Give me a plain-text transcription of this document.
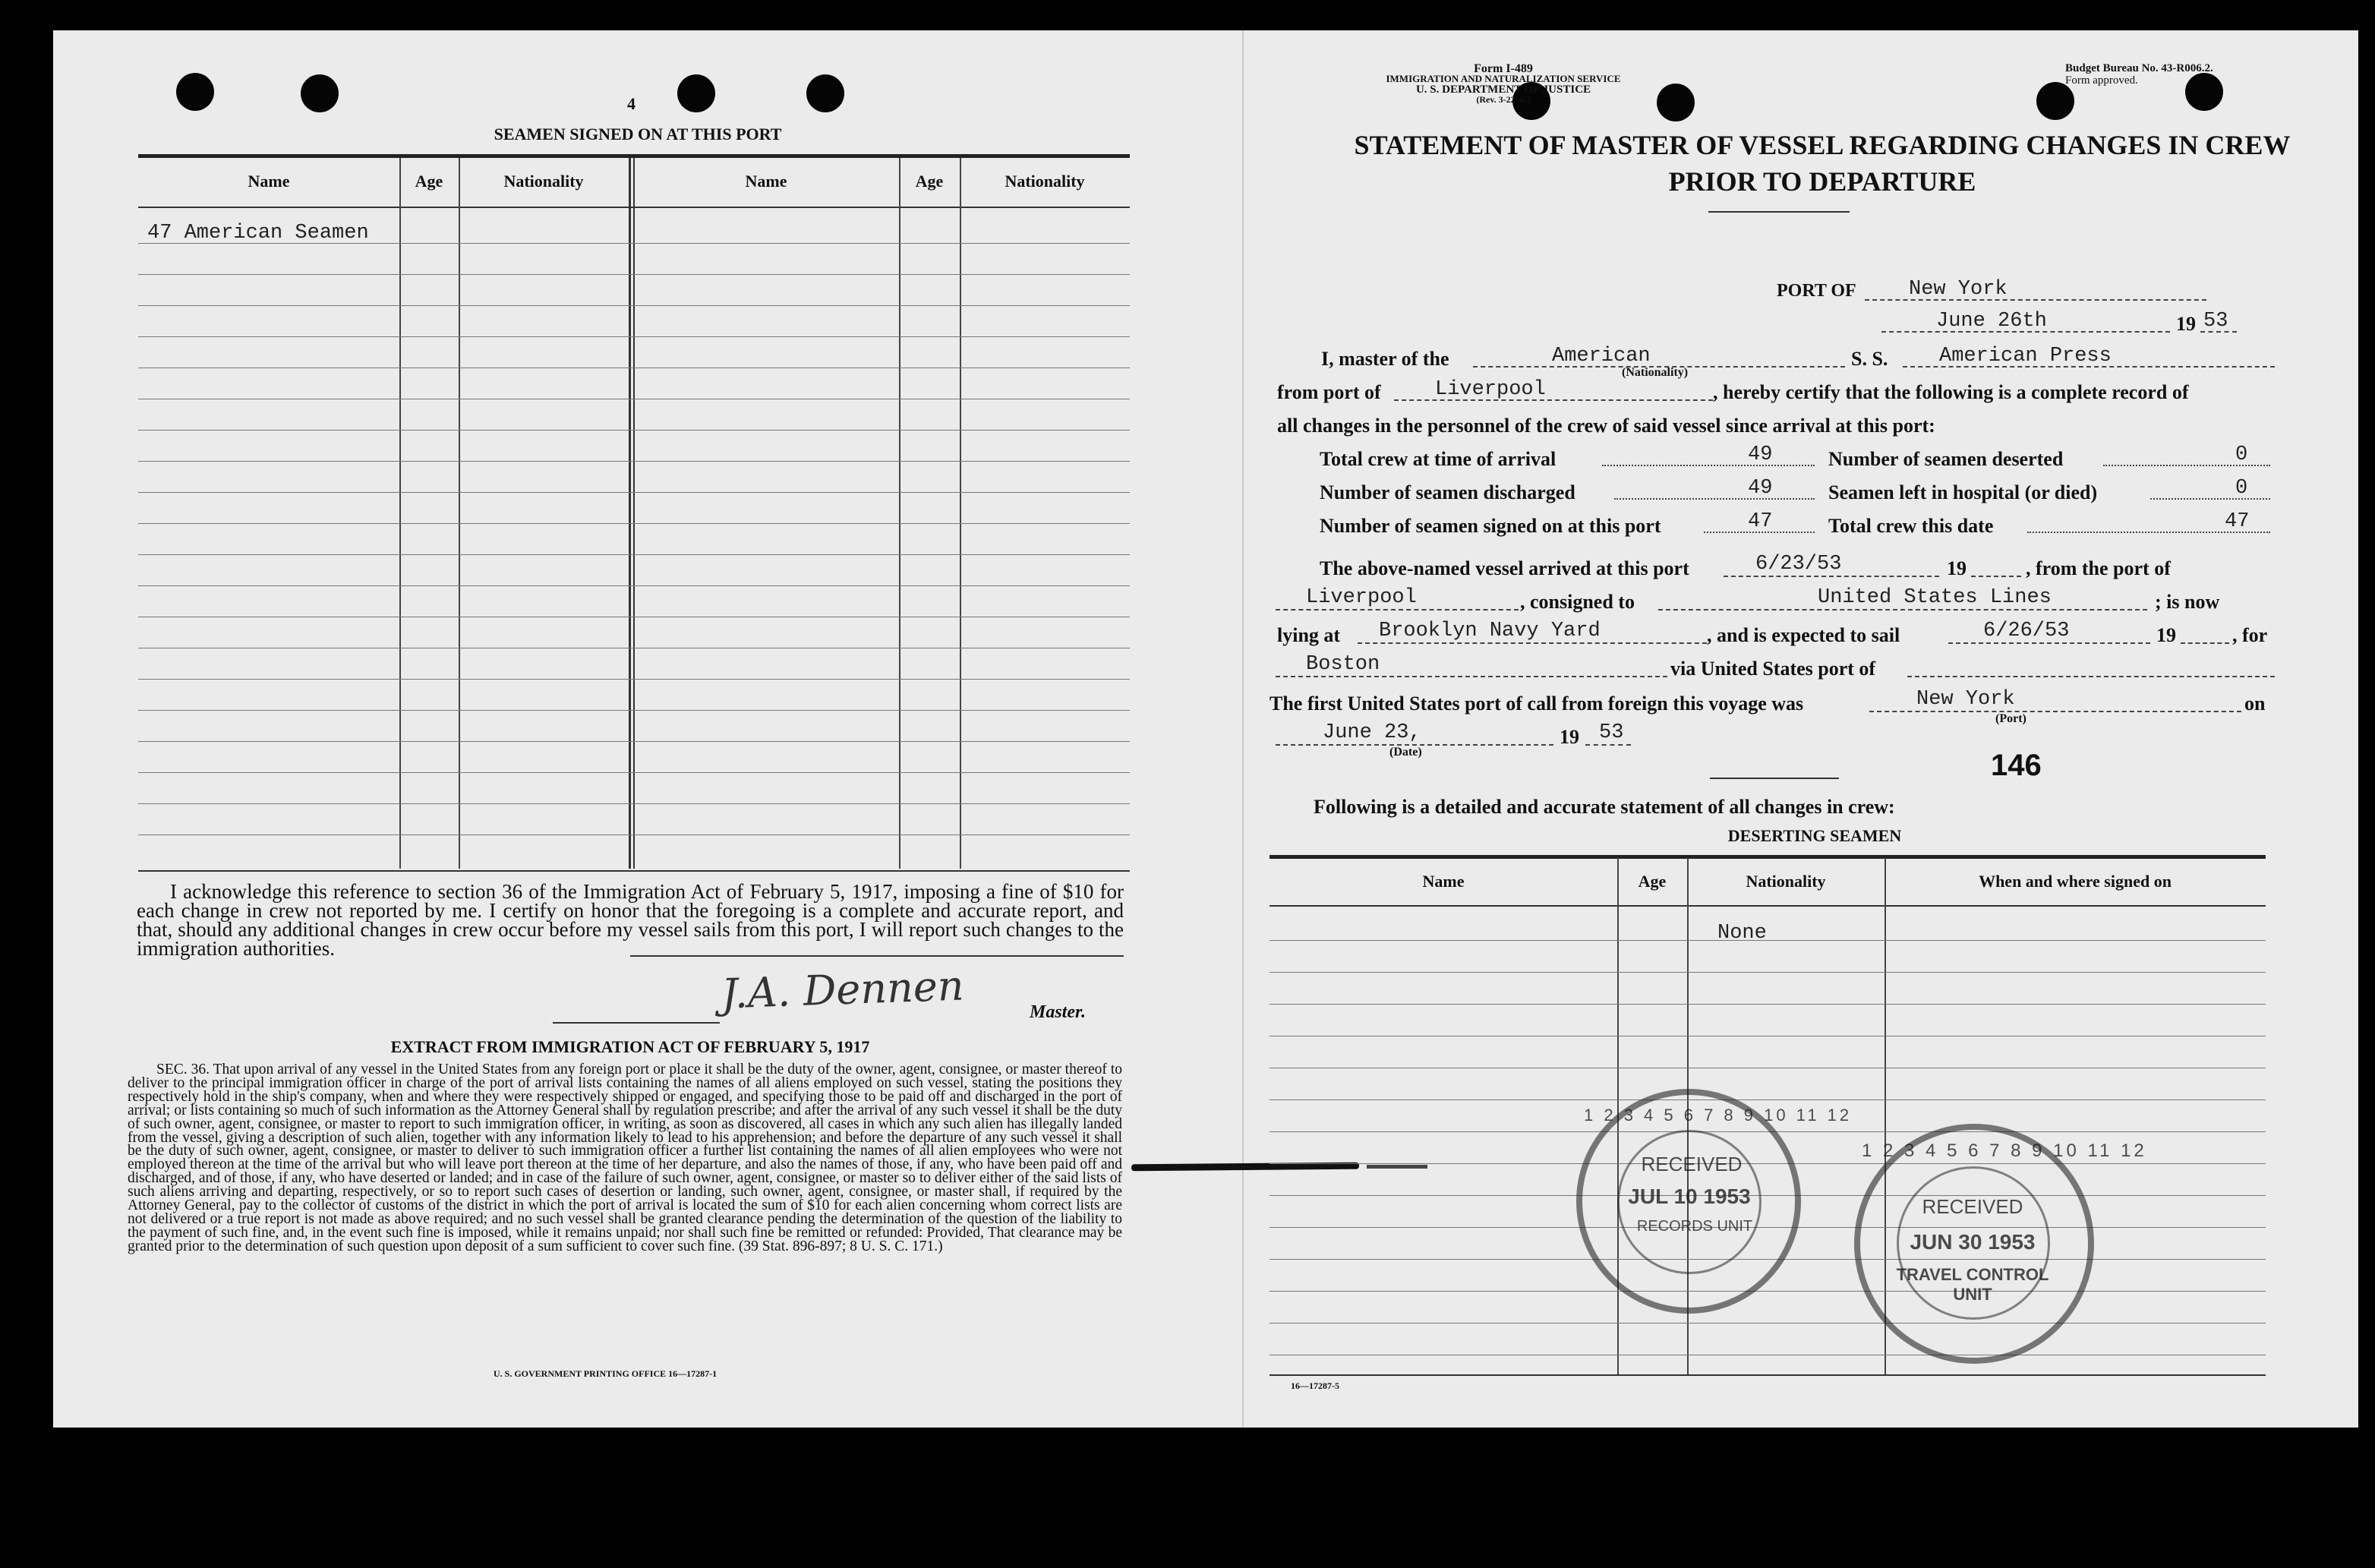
4
SEAMEN SIGNED ON AT THIS PORT
Name	Age	Nationality	Name	Age	Nationality
47 American Seamen
I acknowledge this reference to section 36 of the Immigration Act of February 5, 1917, imposing a fine of $10 for each change in crew not reported by me. I certify on honor that the foregoing is a complete and accurate report, and that, should any additional changes in crew occur before my vessel sails from this port, I will report such changes to the immigration authorities.
J.A. Dennen	Master.
EXTRACT FROM IMMIGRATION ACT OF FEBRUARY 5, 1917
SEC. 36. That upon arrival of any vessel in the United States from any foreign port or place it shall be the duty of the owner, agent, consignee, or master thereof to deliver to the principal immigration officer in charge of the port of arrival lists containing the names of all aliens employed on such vessel, stating the positions they respectively hold in the ship's company, when and where they were respectively shipped or engaged, and specifying those to be paid off and discharged in the port of arrival; or lists containing so much of such information as the Attorney General shall by regulation prescribe; and after the arrival of any such vessel it shall be the duty of such owner, agent, consignee, or master to report to such immigration officer, in writing, as soon as discovered, all cases in which any such alien has illegally landed from the vessel, giving a description of such alien, together with any information likely to lead to his apprehension; and before the departure of any such vessel it shall be the duty of such owner, agent, consignee, or master to deliver to such immigration officer a further list containing the names of all alien employees who were not employed thereon at the time of the arrival but who will leave port thereon at the time of her departure, and also the names of those, if any, who have been paid off and discharged, and of those, if any, who have deserted or landed; and in case of the failure of such owner, agent, consignee, or master so to deliver either of the said lists of such aliens arriving and departing, respectively, or so to report such cases of desertion or landing, such owner, agent, consignee, or master shall, if required by the Attorney General, pay to the collector of customs of the district in which the port of arrival is located the sum of $10 for each alien concerning whom correct lists are not delivered or a true report is not made as above required; and no such vessel shall be granted clearance pending the determination of the question of the liability to the payment of such fine, and, in the event such fine is imposed, while it remains unpaid; nor shall such fine be remitted or refunded: Provided, That clearance may be granted prior to the determination of such question upon deposit of a sum sufficient to cover such fine. (39 Stat. 896-897; 8 U. S. C. 171.)
U. S. GOVERNMENT PRINTING OFFICE 16—17287-1
Form I-489
IMMIGRATION AND NATURALIZATION SERVICE
U. S. DEPARTMENT OF JUSTICE
(Rev. 3-22-45)
Budget Bureau No. 43-R006.2.
Form approved.
STATEMENT OF MASTER OF VESSEL REGARDING CHANGES IN CREW
PRIOR TO DEPARTURE
PORT OF	New York
June 26th	19 53
I, master of the	American
(Nationality)
S. S.	American Press
from port of	Liverpool	, hereby certify that the following is a complete record of
all changes in the personnel of the crew of said vessel since arrival at this port:
Total crew at time of arrival	49	Number of seamen deserted	0
Number of seamen discharged	49	Seamen left in hospital (or died)	0
Number of seamen signed on at this port	47	Total crew this date	47
The above-named vessel arrived at this port	6/23/53	19	, from the port of
Liverpool	, consigned to	United States Lines	; is now
lying at Brooklyn Navy Yard	, and is expected to sail	6/26/53	19	, for
Boston	via United States port of
The first United States port of call from foreign this voyage was	New York
(Port)
on
June 23,
(Date)
19 53
146
Following is a detailed and accurate statement of all changes in crew:
DESERTING SEAMEN
Name	Age	Nationality	When and where signed on
None
1 2 3 4 5 6 7 8 9 10 11 12
RECEIVED
JUL 10 1953
RECORDS UNIT
1 2 3 4 5 6 7 8 9 10 11 12
RECEIVED
JUN 30 1953
TRAVEL CONTROL
UNIT
16—17287-5
